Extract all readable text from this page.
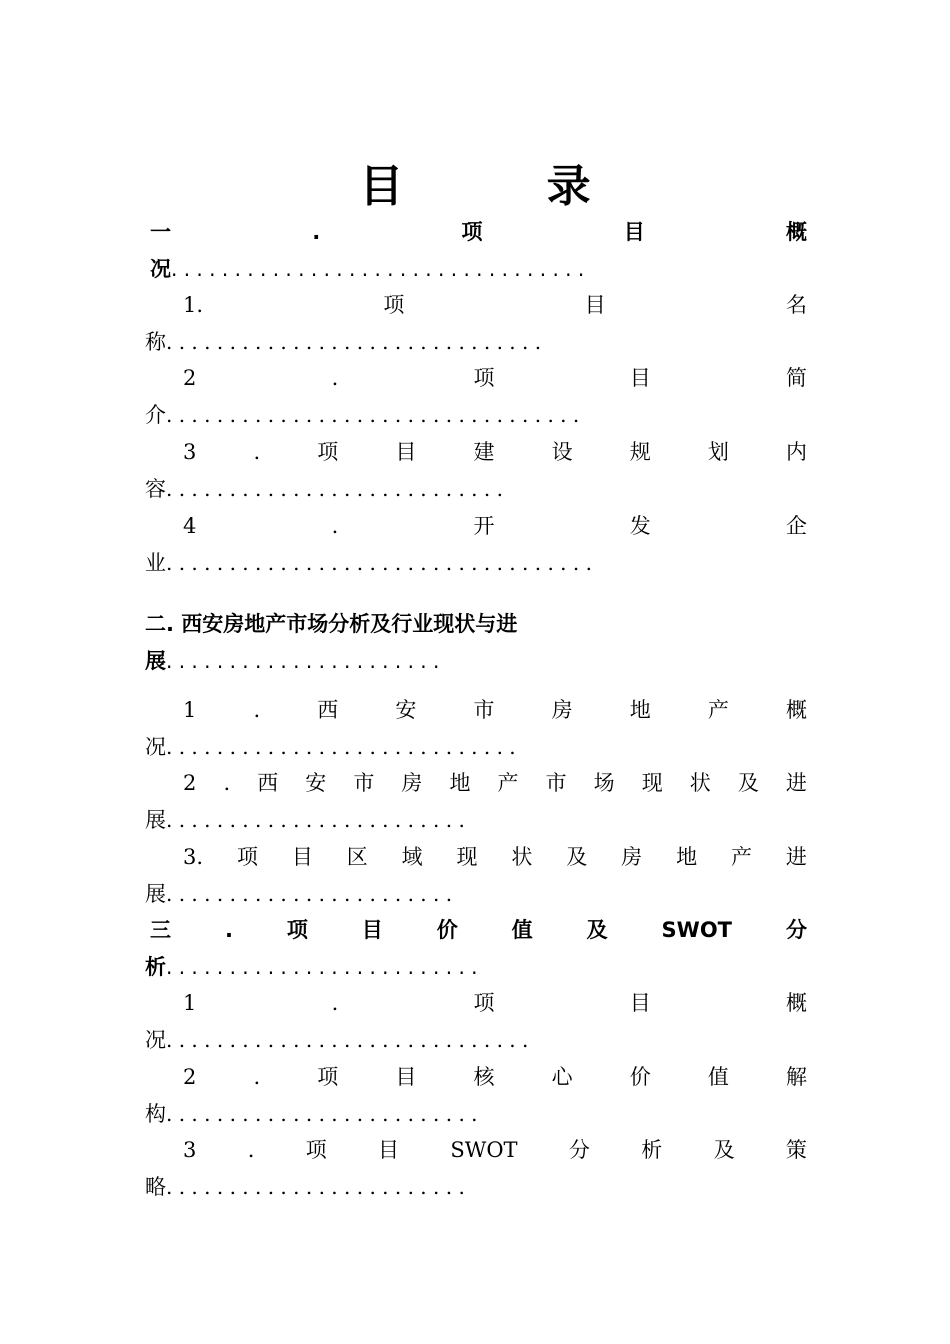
目 录
一	.	项	目	概
况. . . . . . . . . . . . . . . . . . . . . . . . . . . . . . . . .
1.	项	目	名
称. . . . . . . . . . . . . . . . . . . . . . . . . . . . . .
2	.	项	目	简
介. . . . . . . . . . . . . . . . . . . . . . . . . . . . . . . . .
3	.	项	目	建	设	规	划	内
容. . . . . . . . . . . . . . . . . . . . . . . . . . .
4	.	开	发	企
业. . . . . . . . . . . . . . . . . . . . . . . . . . . . . . . . . .
二. 西安房地产市场分析及行业现状与进
展. . . . . . . . . . . . . . . . . . . . . .
1	.	西	安	市	房	地	产	概
况. . . . . . . . . . . . . . . . . . . . . . . . . . . .
2 . 西 安 市 房 地 产 市 场 现 状 及 进
展. . . . . . . . . . . . . . . . . . . . . . . .
3. 项 目 区 域 现 状 及 房 地 产 进
展. . . . . . . . . . . . . . . . . . . . . . .
三	.	项	目	价	值	及	SWOT	分
析. . . . . . . . . . . . . . . . . . . . . . . . .
1	.	项	目	概
况. . . . . . . . . . . . . . . . . . . . . . . . . . . . .
2	.	项	目	核	心	价	值	解
构. . . . . . . . . . . . . . . . . . . . . . . . .
3 . 项 目 SWOT 分 析 及 策
略. . . . . . . . . . . . . . . . . . . . . . . .
